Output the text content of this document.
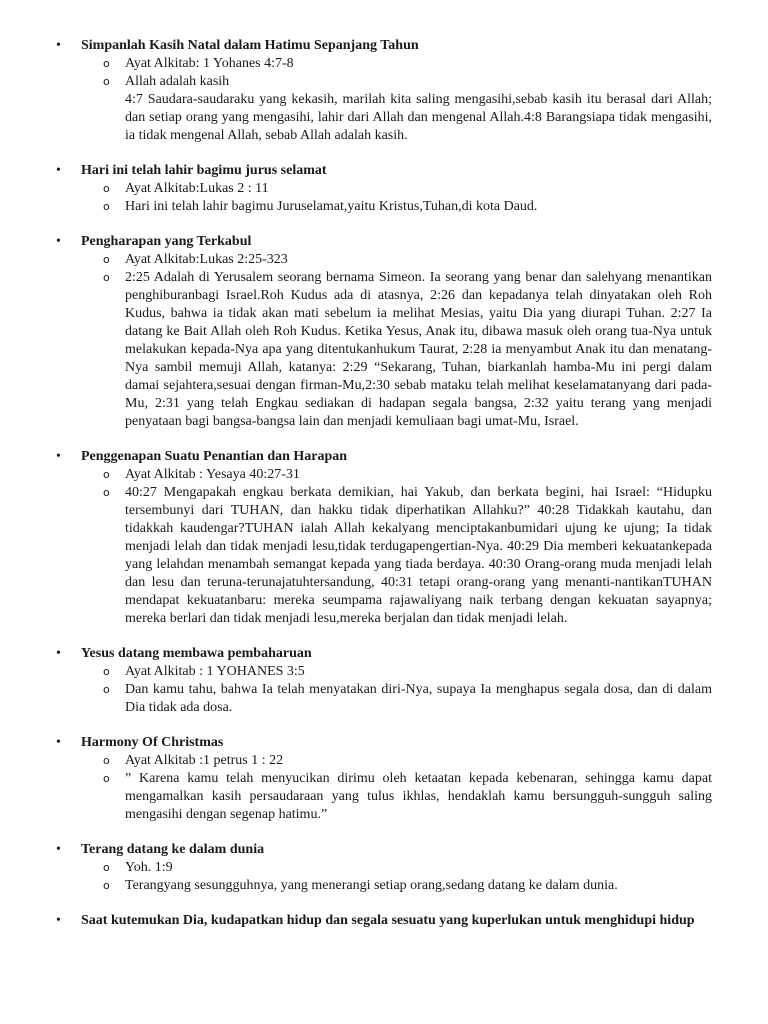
• Simpanlah Kasih Natal dalam Hatimu Sepanjang Tahun
o Ayat Alkitab: 1 Yohanes 4:7-8
o Allah adalah kasih
4:7 Saudara-saudaraku yang kekasih, marilah kita saling mengasihi,sebab kasih itu berasal dari Allah; dan setiap orang yang mengasihi, lahir dari Allah dan mengenal Allah.4:8 Barangsiapa tidak mengasihi, ia tidak mengenal Allah, sebab Allah adalah kasih.
• Hari ini telah lahir bagimu jurus selamat
o Ayat Alkitab:Lukas 2 : 11
o Hari ini telah lahir bagimu Juruselamat,yaitu Kristus,Tuhan,di kota Daud.
• Pengharapan yang Terkabul
o Ayat Alkitab:Lukas 2:25-323
o 2:25 Adalah di Yerusalem seorang bernama Simeon. Ia seorang yang benar dan salehyang menantikan penghiburanbagi Israel.Roh Kudus ada di atasnya, 2:26 dan kepadanya telah dinyatakan oleh Roh Kudus, bahwa ia tidak akan mati sebelum ia melihat Mesias, yaitu Dia yang diurapi Tuhan. 2:27 Ia datang ke Bait Allah oleh Roh Kudus. Ketika Yesus, Anak itu, dibawa masuk oleh orang tua-Nya untuk melakukan kepada-Nya apa yang ditentukanhukum Taurat, 2:28 ia menyambut Anak itu dan menatang-Nya sambil memuji Allah, katanya: 2:29 “Sekarang, Tuhan, biarkanlah hamba-Mu ini pergi dalam damai sejahtera,sesuai dengan firman-Mu,2:30 sebab mataku telah melihat keselamatanyang dari pada-Mu, 2:31 yang telah Engkau sediakan di hadapan segala bangsa, 2:32 yaitu terang yang menjadi penyataan bagi bangsa-bangsa lain dan menjadi kemuliaan bagi umat-Mu, Israel.
• Penggenapan Suatu Penantian dan Harapan
o Ayat Alkitab : Yesaya 40:27-31
o 40:27 Mengapakah engkau berkata demikian, hai Yakub, dan berkata begini, hai Israel: “Hidupku tersembunyi dari TUHAN, dan hakku tidak diperhatikan Allahku?” 40:28 Tidakkah kautahu, dan tidakkah kaudengar?TUHAN ialah Allah kekalyang menciptakanbumidari ujung ke ujung; Ia tidak menjadi lelah dan tidak menjadi lesu,tidak terdugapengertian-Nya. 40:29 Dia memberi kekuatankepada yang lelahdan menambah semangat kepada yang tiada berdaya. 40:30 Orang-orang muda menjadi lelah dan lesu dan teruna-terunajatuhtersandung, 40:31 tetapi orang-orang yang menanti-nantikanTUHAN mendapat kekuatanbaru: mereka seumpama rajawaliyang naik terbang dengan kekuatan sayapnya; mereka berlari dan tidak menjadi lesu,mereka berjalan dan tidak menjadi lelah.
• Yesus datang membawa pembaharuan
o Ayat Alkitab : 1 YOHANES 3:5
o Dan kamu tahu, bahwa Ia telah menyatakan diri-Nya, supaya Ia menghapus segala dosa, dan di dalam Dia tidak ada dosa.
• Harmony Of Christmas
o Ayat Alkitab :1 petrus 1 : 22
o ” Karena kamu telah menyucikan dirimu oleh ketaatan kepada kebenaran, sehingga kamu dapat mengamalkan kasih persaudaraan yang tulus ikhlas, hendaklah kamu bersungguh-sungguh saling mengasihi dengan segenap hatimu.”
• Terang datang ke dalam dunia
o Yoh. 1:9
o Terangyang sesungguhnya, yang menerangi setiap orang,sedang datang ke dalam dunia.
• Saat kutemukan Dia, kudapatkan hidup dan segala sesuatu yang kuperlukan untuk menghidupi hidup
